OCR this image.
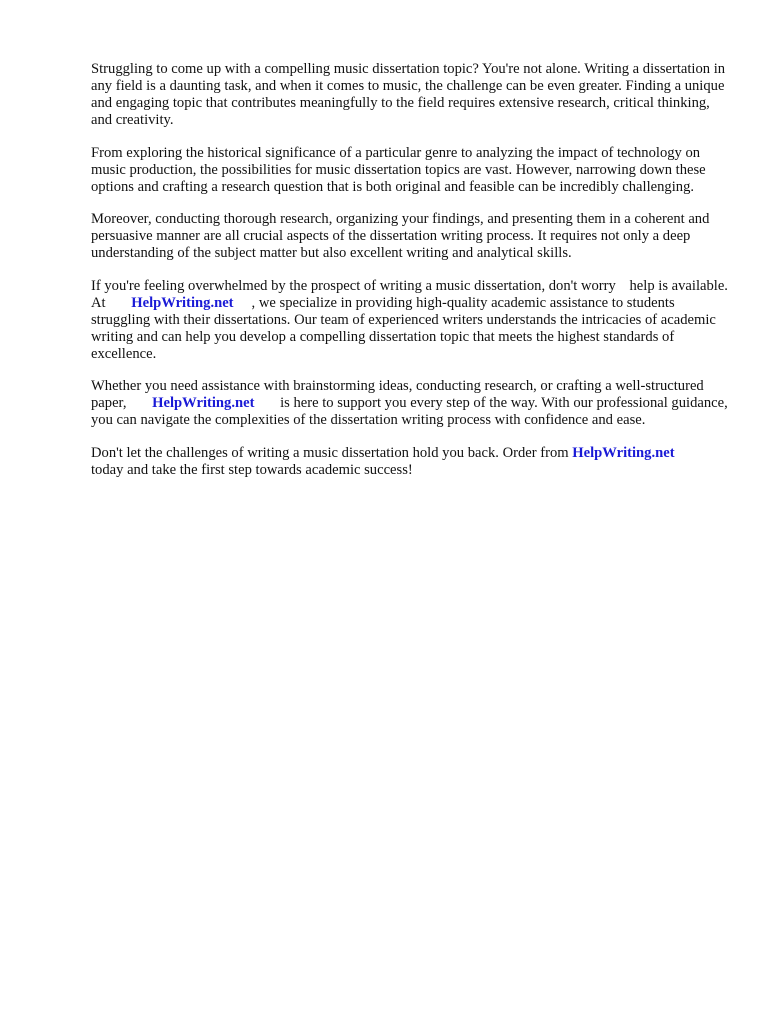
Struggling to come up with a compelling music dissertation topic? You're not alone. Writing a dissertation in any field is a daunting task, and when it comes to music, the challenge can be even greater. Finding a unique and engaging topic that contributes meaningfully to the field requires extensive research, critical thinking, and creativity.

From exploring the historical significance of a particular genre to analyzing the impact of technology on music production, the possibilities for music dissertation topics are vast. However, narrowing down these options and crafting a research question that is both original and feasible can be incredibly challenging.

Moreover, conducting thorough research, organizing your findings, and presenting them in a coherent and persuasive manner are all crucial aspects of the dissertation writing process. It requires not only a deep understanding of the subject matter but also excellent writing and analytical skills.

If you're feeling overwhelmed by the prospect of writing a music dissertation, don't worry help is available. At HelpWriting.net , we specialize in providing high-quality academic assistance to students struggling with their dissertations. Our team of experienced writers understands the intricacies of academic writing and can help you develop a compelling dissertation topic that meets the highest standards of excellence.

Whether you need assistance with brainstorming ideas, conducting research, or crafting a well-structured paper, HelpWriting.net is here to support you every step of the way. With our professional guidance, you can navigate the complexities of the dissertation writing process with confidence and ease.

Don't let the challenges of writing a music dissertation hold you back. Order from HelpWriting.net today and take the first step towards academic success!
